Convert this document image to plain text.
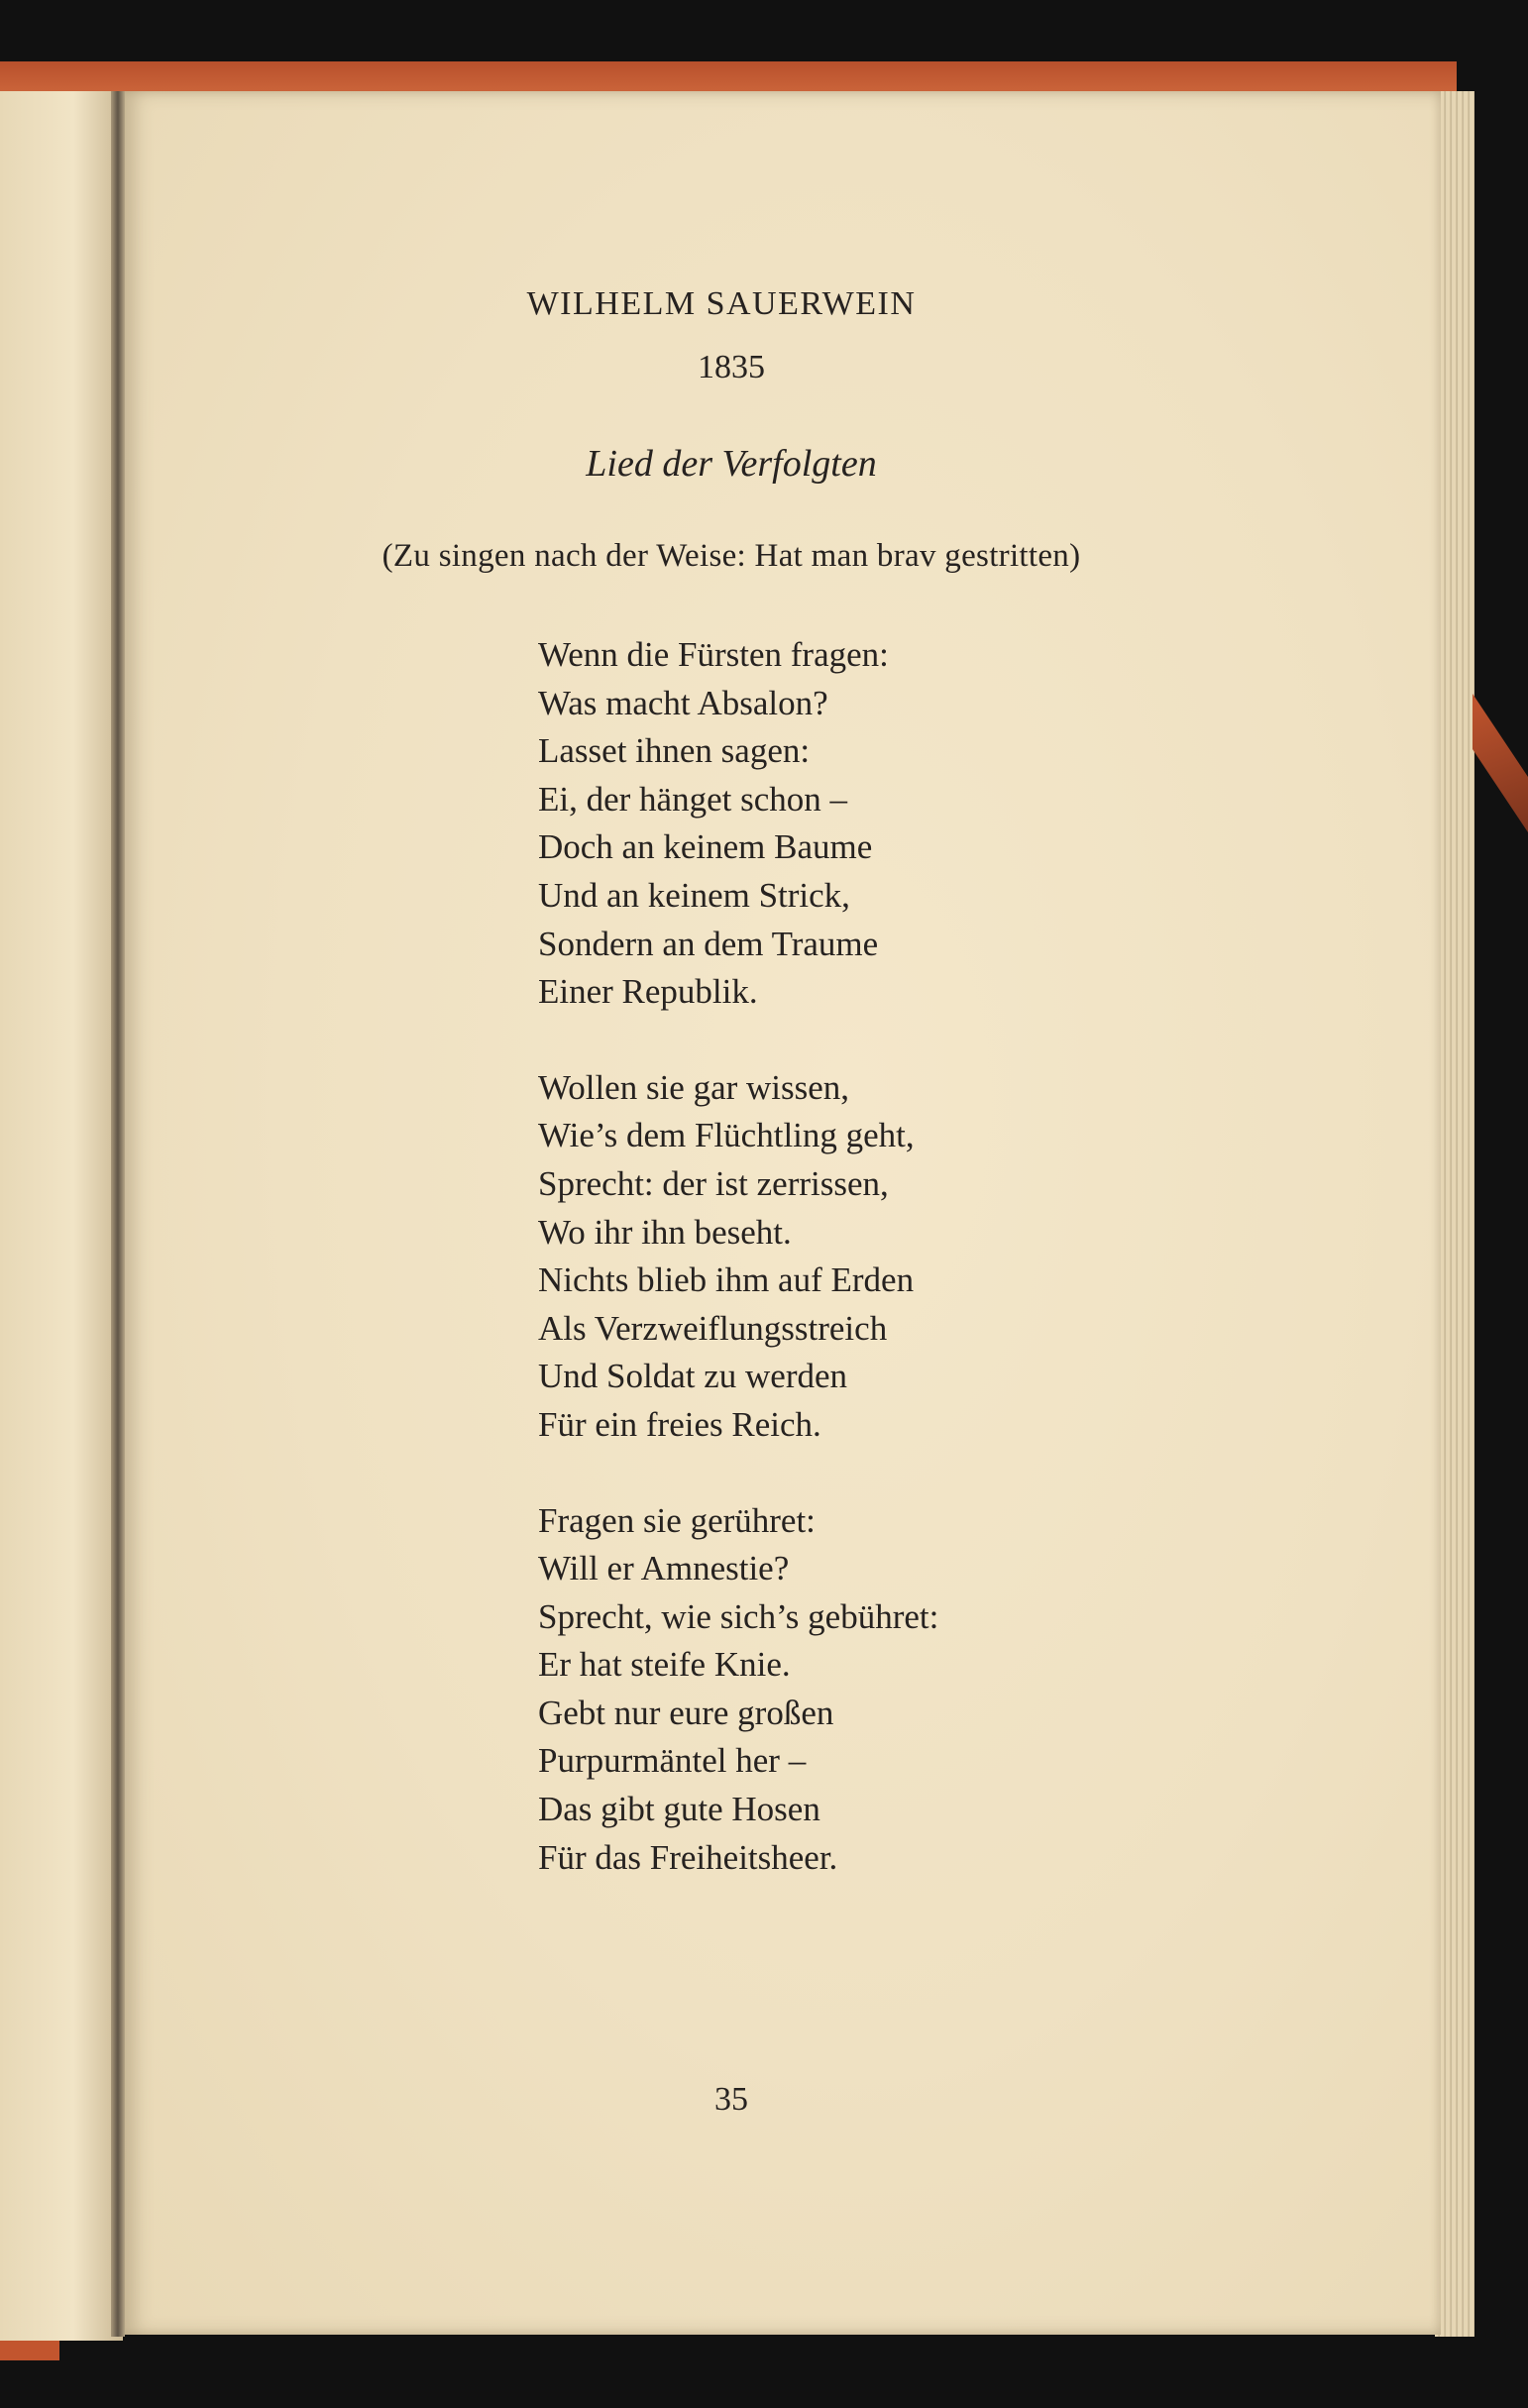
WILHELM SAUERWEIN
1835
Lied der Verfolgten
(Zu singen nach der Weise: Hat man brav gestritten)
Wenn die Fürsten fragen:
Was macht Absalon?
Lasset ihnen sagen:
Ei, der hänget schon –
Doch an keinem Baume
Und an keinem Strick,
Sondern an dem Traume
Einer Republik.
Wollen sie gar wissen,
Wie’s dem Flüchtling geht,
Sprecht: der ist zerrissen,
Wo ihr ihn beseht.
Nichts blieb ihm auf Erden
Als Verzweiflungsstreich
Und Soldat zu werden
Für ein freies Reich.
Fragen sie gerühret:
Will er Amnestie?
Sprecht, wie sich’s gebühret:
Er hat steife Knie.
Gebt nur eure großen
Purpurmäntel her –
Das gibt gute Hosen
Für das Freiheitsheer.
35
